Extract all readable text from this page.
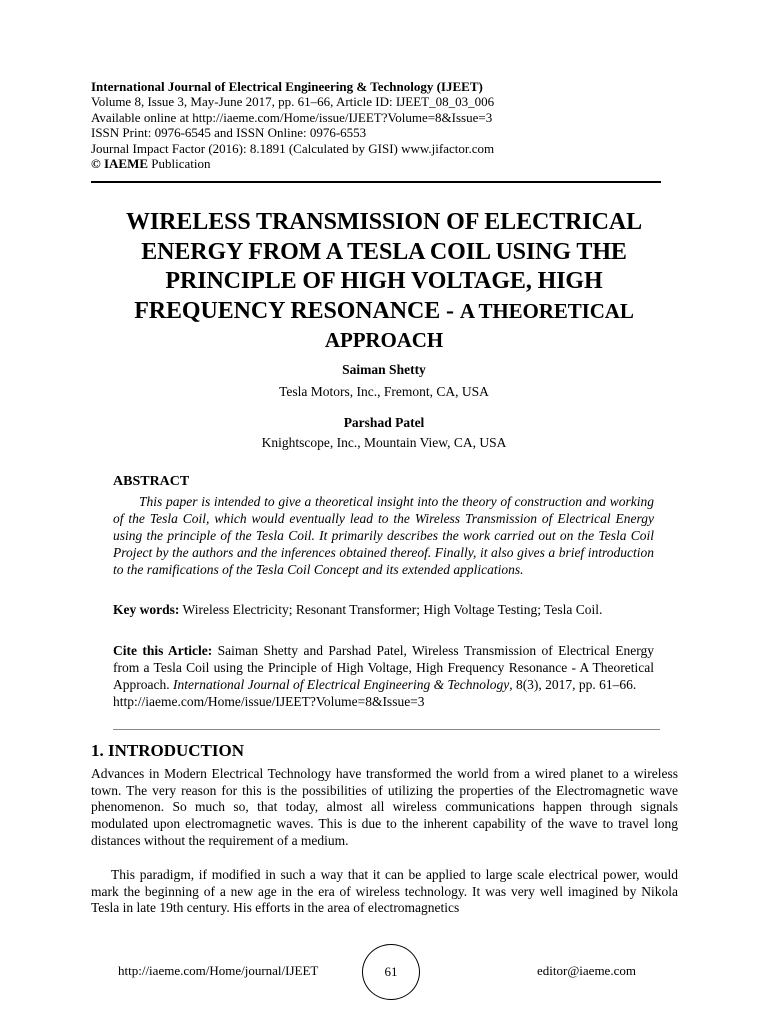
International Journal of Electrical Engineering & Technology (IJEET)
Volume 8, Issue 3, May-June 2017, pp. 61–66, Article ID: IJEET_08_03_006
Available online at http://iaeme.com/Home/issue/IJEET?Volume=8&Issue=3
ISSN Print: 0976-6545 and ISSN Online: 0976-6553
Journal Impact Factor (2016): 8.1891 (Calculated by GISI) www.jifactor.com
© IAEME Publication
WIRELESS TRANSMISSION OF ELECTRICAL ENERGY FROM A TESLA COIL USING THE PRINCIPLE OF HIGH VOLTAGE, HIGH FREQUENCY RESONANCE - A THEORETICAL APPROACH
Saiman Shetty
Tesla Motors, Inc., Fremont, CA, USA
Parshad Patel
Knightscope, Inc., Mountain View, CA, USA
ABSTRACT
This paper is intended to give a theoretical insight into the theory of construction and working of the Tesla Coil, which would eventually lead to the Wireless Transmission of Electrical Energy using the principle of the Tesla Coil. It primarily describes the work carried out on the Tesla Coil Project by the authors and the inferences obtained thereof. Finally, it also gives a brief introduction to the ramifications of the Tesla Coil Concept and its extended applications.
Key words: Wireless Electricity; Resonant Transformer; High Voltage Testing; Tesla Coil.
Cite this Article: Saiman Shetty and Parshad Patel, Wireless Transmission of Electrical Energy from a Tesla Coil using the Principle of High Voltage, High Frequency Resonance - A Theoretical Approach. International Journal of Electrical Engineering & Technology, 8(3), 2017, pp. 61–66.
http://iaeme.com/Home/issue/IJEET?Volume=8&Issue=3
1. INTRODUCTION
Advances in Modern Electrical Technology have transformed the world from a wired planet to a wireless town. The very reason for this is the possibilities of utilizing the properties of the Electromagnetic wave phenomenon. So much so, that today, almost all wireless communications happen through signals modulated upon electromagnetic waves. This is due to the inherent capability of the wave to travel long distances without the requirement of a medium.
This paradigm, if modified in such a way that it can be applied to large scale electrical power, would mark the beginning of a new age in the era of wireless technology. It was very well imagined by Nikola Tesla in late 19th century. His efforts in the area of electromagnetics
http://iaeme.com/Home/journal/IJEET	61	editor@iaeme.com
